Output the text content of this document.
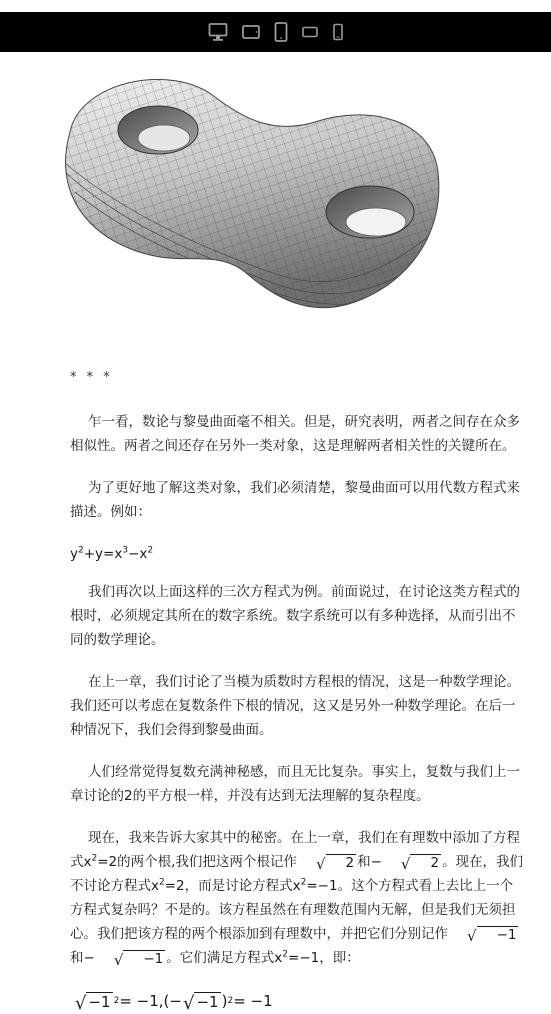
* * *

乍一看，数论与黎曼曲面毫不相关。但是，研究表明，两者之间存在众多相似性。两者之间还存在另外一类对象，这是理解两者相关性的关键所在。

为了更好地了解这类对象，我们必须清楚，黎曼曲面可以用代数方程式来描述。例如：

$y^2+y=x^3-x^2$

我们再次以上面这样的三次方程式为例。前面说过，在讨论这类方程式的根时，必须规定其所在的数字系统。数字系统可以有多种选择，从而引出不同的数学理论。

在上一章，我们讨论了当模为质数时方程根的情况，这是一种数学理论。我们还可以考虑在复数条件下根的情况，这又是另外一种数学理论。在后一种情况下，我们会得到黎曼曲面。

人们经常觉得复数充满神秘感，而且无比复杂。事实上，复数与我们上一章讨论的2的平方根一样，并没有达到无法理解的复杂程度。

现在，我来告诉大家其中的秘密。在上一章，我们在有理数中添加了方程式$x^2=2$的两个根,我们把这两个根记作	√	2 和−	√	2 。现在，我们不讨论方程式$x^2=2$，而是讨论方程式$x^2=-1$。这个方程式看上去比上一个方程式复杂吗？不是的。该方程虽然在有理数范围内无解，但是我们无须担心。我们把该方程的两个根添加到有理数中，并把它们分别记作	√	−1
和−	√	−1 。它们满足方程式$x^2=-1$，即：

√ −1 2 = −1,(− √ −1 ) 2 = −1
